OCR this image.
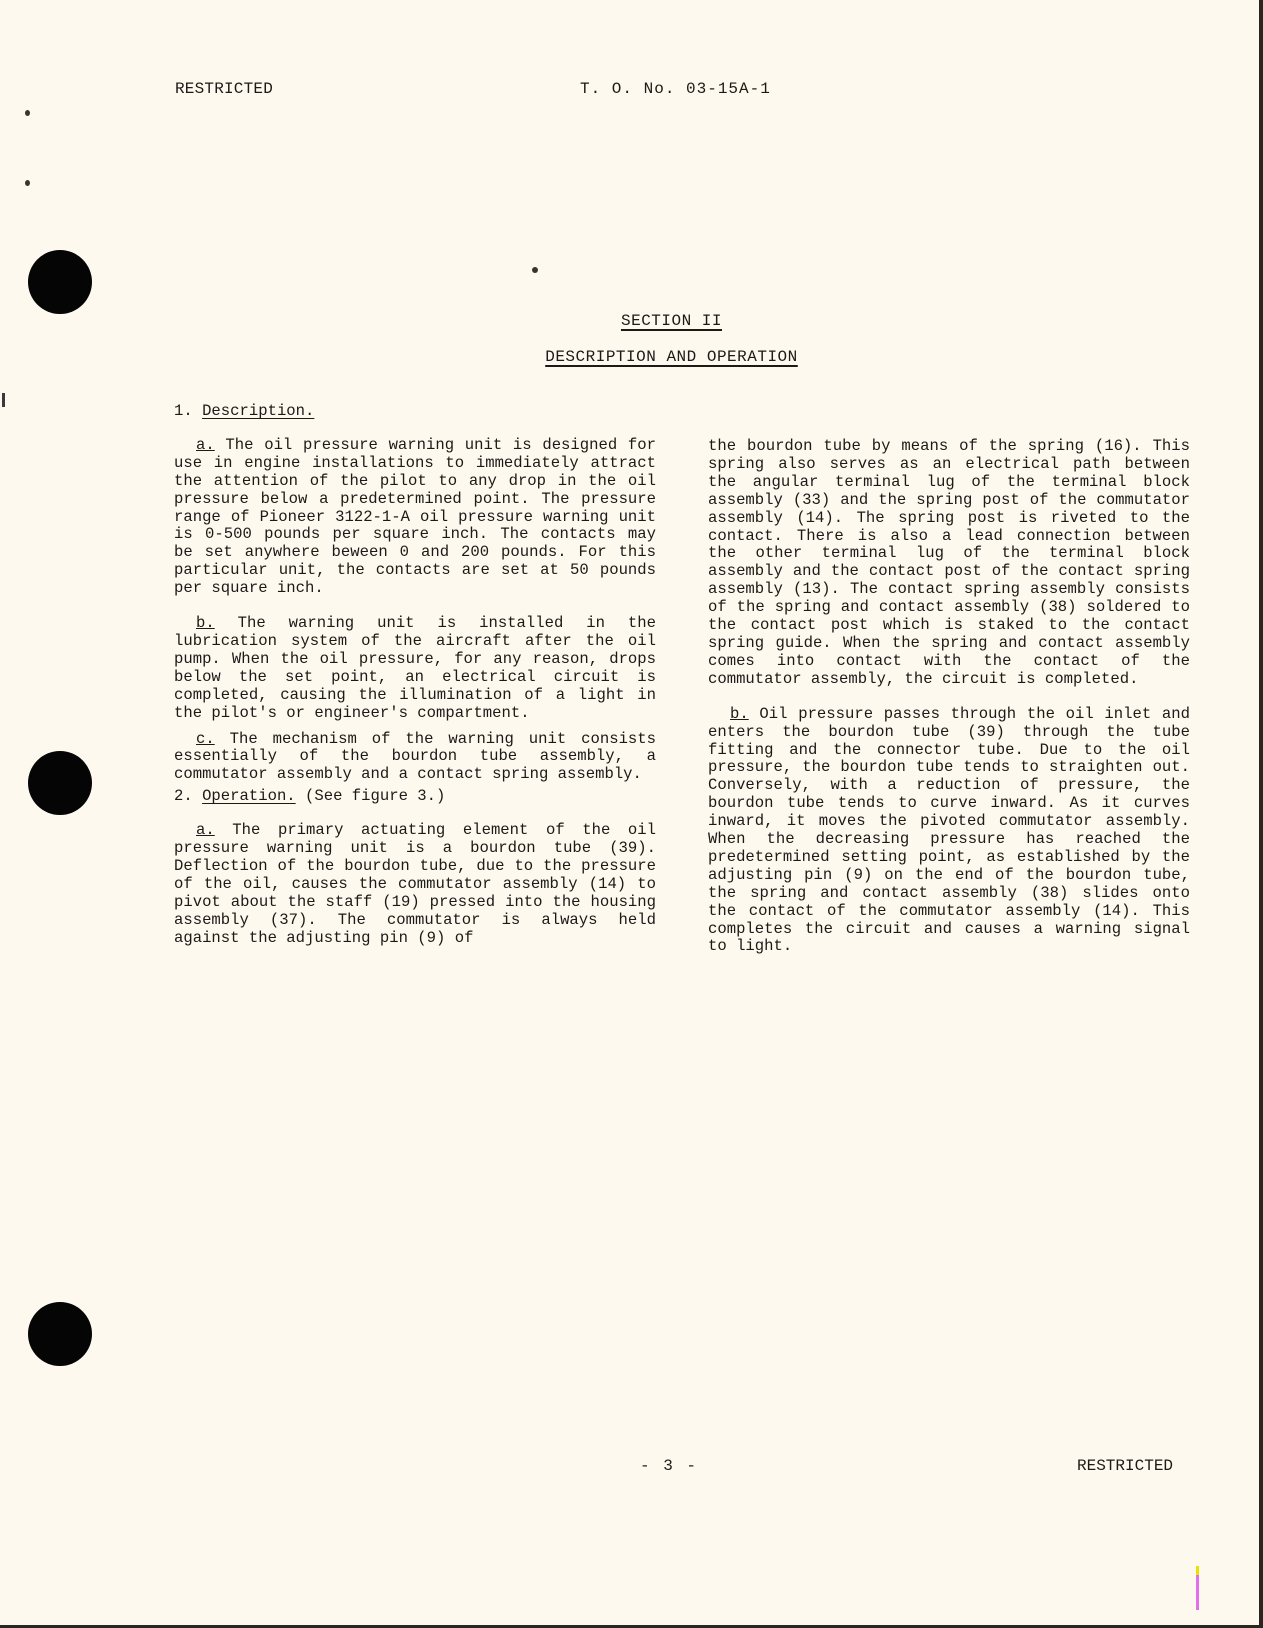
RESTRICTED	T. O. No. 03-15A-1
SECTION II
DESCRIPTION AND OPERATION

1. Description.

a. The oil pressure warning unit is designed for use in engine installations to immediately attract the attention of the pilot to any drop in the oil pressure below a predetermined point. The pressure range of Pioneer 3122-1-A oil pressure warning unit is 0-500 pounds per square inch. The contacts may be set anywhere beween 0 and 200 pounds. For this particular unit, the contacts are set at 50 pounds per square inch.

b. The warning unit is installed in the lubrication system of the aircraft after the oil pump. When the oil pressure, for any reason, drops below the set point, an electrical circuit is completed, causing the illumination of a light in the pilot's or engineer's compartment.

c. The mechanism of the warning unit consists essentially of the bourdon tube assembly, a commutator assembly and a contact spring assembly.

2. Operation. (See figure 3.)

a. The primary actuating element of the oil pressure warning unit is a bourdon tube (39). Deflection of the bourdon tube, due to the pressure of the oil, causes the commutator assembly (14) to pivot about the staff (19) pressed into the housing assembly (37). The commutator is always held against the adjusting pin (9) of

the bourdon tube by means of the spring (16). This spring also serves as an electrical path between the angular terminal lug of the terminal block assembly (33) and the spring post of the commutator assembly (14). The spring post is riveted to the contact. There is also a lead connection between the other terminal lug of the terminal block assembly and the contact post of the contact spring assembly (13). The contact spring assembly consists of the spring and contact assembly (38) soldered to the contact post which is staked to the contact spring guide. When the spring and contact assembly comes into contact with the contact of the commutator assembly, the circuit is completed.

b. Oil pressure passes through the oil inlet and enters the bourdon tube (39) through the tube fitting and the connector tube. Due to the oil pressure, the bourdon tube tends to straighten out. Conversely, with a reduction of pressure, the bourdon tube tends to curve inward. As it curves inward, it moves the pivoted commutator assembly. When the decreasing pressure has reached the predetermined setting point, as established by the adjusting pin (9) on the end of the bourdon tube, the spring and contact assembly (38) slides onto the contact of the commutator assembly (14). This completes the circuit and causes a warning signal to light.

- 3 -	RESTRICTED
